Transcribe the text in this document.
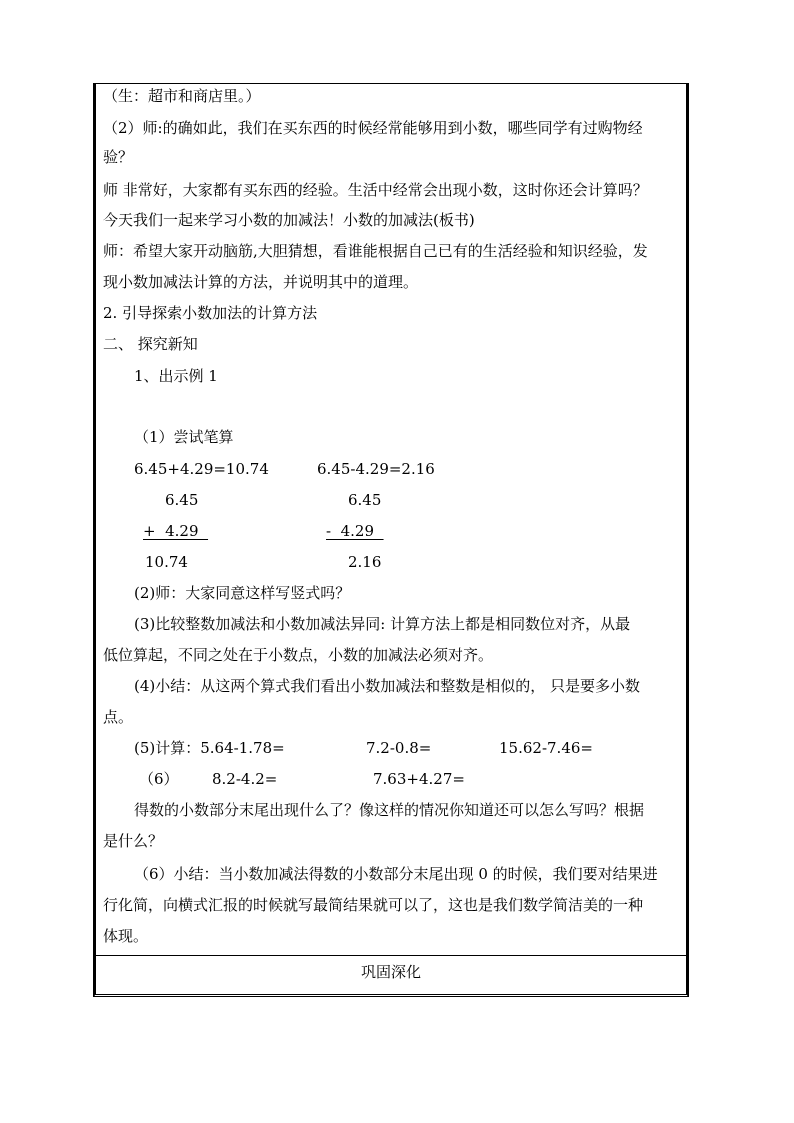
（生：超市和商店里。）
（2）师:的确如此，我们在买东西的时候经常能够用到小数，哪些同学有过购物经
验？
师 非常好，大家都有买东西的经验。生活中经常会出现小数，这时你还会计算吗？
今天我们一起来学习小数的加减法！小数的加减法(板书)
师：希望大家开动脑筋,大胆猜想，看谁能根据自己已有的生活经验和知识经验，发
现小数加减法计算的方法，并说明其中的道理。
2. 引导探索小数加法的计算方法
二、 探究新知
1、出示例 1
（1）尝试笔算
6.45+4.29=10.74	6.45-4.29=2.16
6.45	6.45
+  4.29	-  4.29
10.74	2.16
(2)师：大家同意这样写竖式吗？
(3)比较整数加减法和小数加减法异同: 计算方法上都是相同数位对齐，从最
低位算起，不同之处在于小数点，小数的加减法必须对齐。
(4)小结：从这两个算式我们看出小数加减法和整数是相似的， 只是要多小数
点。
(5)计算：5.64-1.78=	7.2-0.8=	15.62-7.46=
（6） 8.2-4.2=	7.63+4.27=
得数的小数部分末尾出现什么了？像这样的情况你知道还可以怎么写吗？根据
是什么？
（6）小结：当小数加减法得数的小数部分末尾出现 0 的时候，我们要对结果进
行化简，向横式汇报的时候就写最简结果就可以了，这也是我们数学简洁美的一种
体现。
巩固深化
